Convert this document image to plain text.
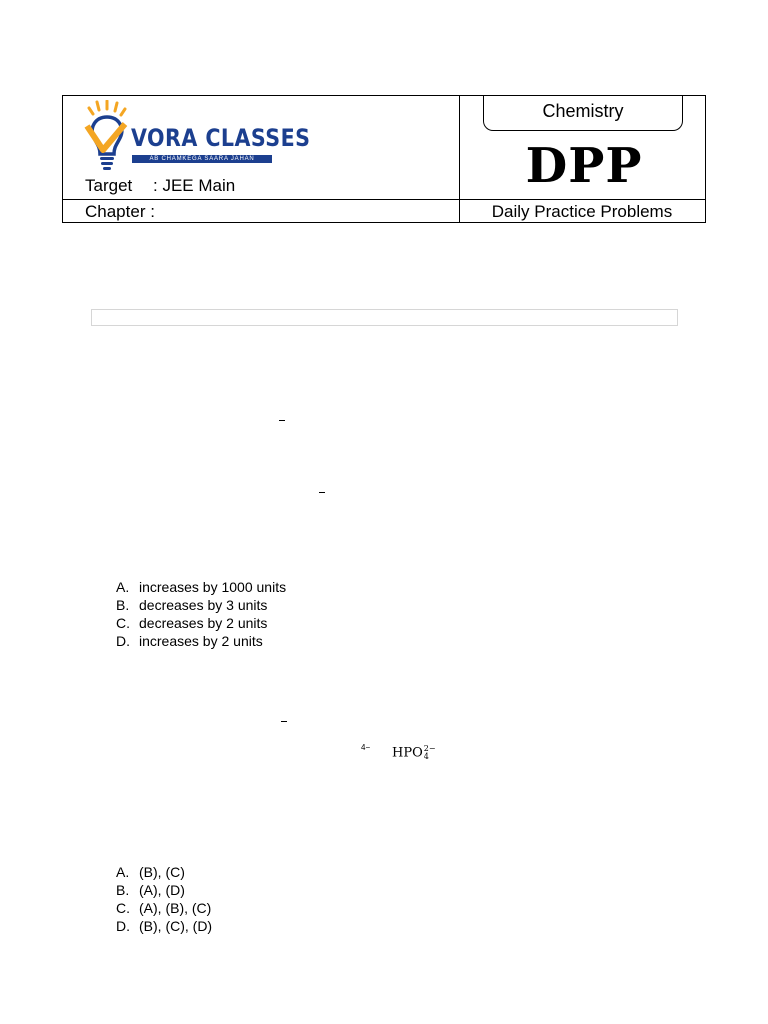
VORA CLASSES
AB CHAMKEGA SAARA JAHAN
Target : JEE Main
Chapter :
Chemistry
DPP
Daily Practice Problems
A. increases by 1000 units
B. decreases by 3 units
C. decreases by 2 units
D. increases by 2 units
4− HPO 2−
4
A. (B), (C)
B. (A), (D)
C. (A), (B), (C)
D. (B), (C), (D)
